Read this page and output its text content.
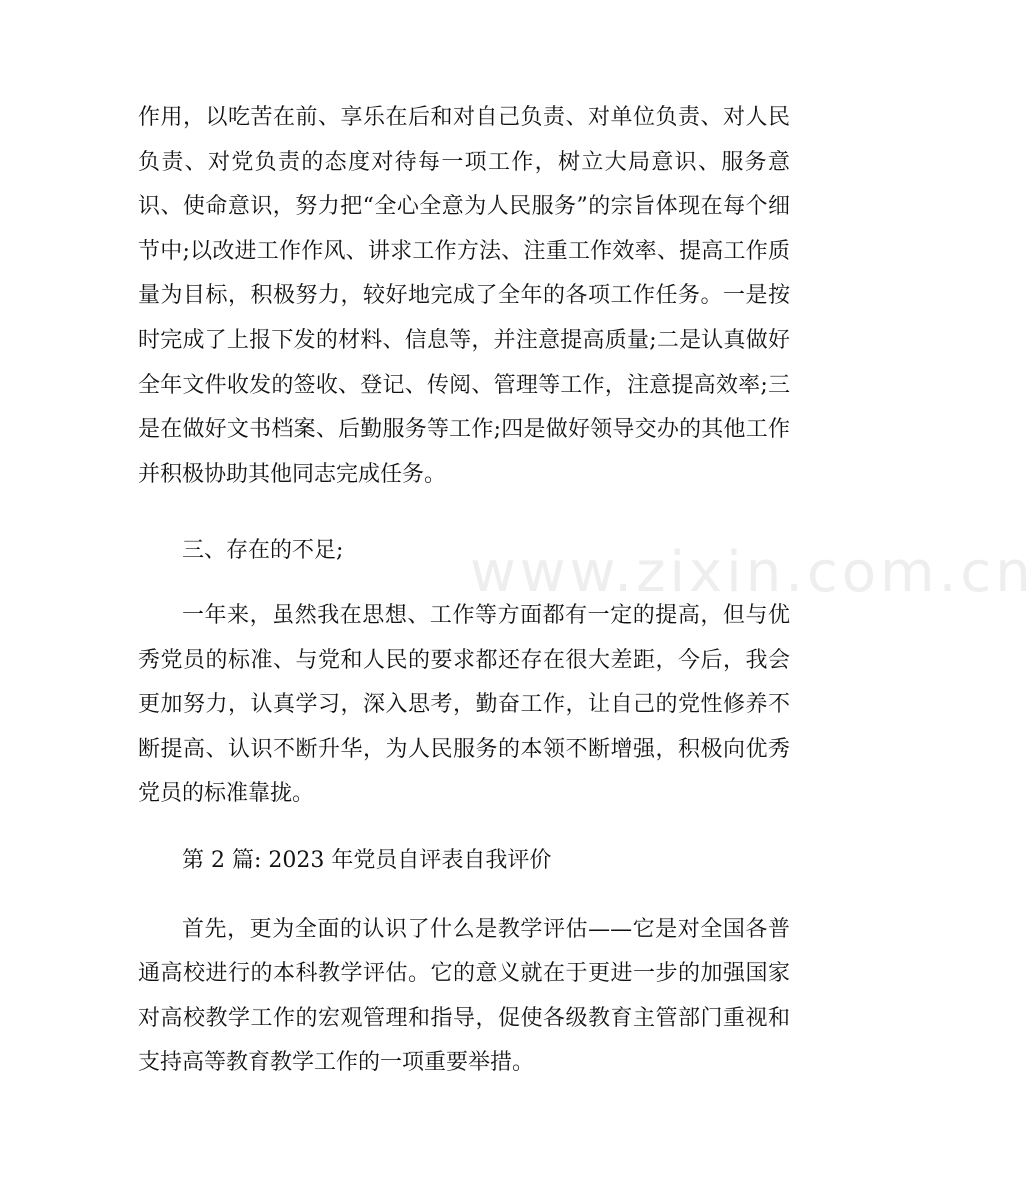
www.zixin.com.cn

作用，以吃苦在前、享乐在后和对自己负责、对单位负责、对人民负责、对党负责的态度对待每一项工作，树立大局意识、服务意识、使命意识，努力把“全心全意为人民服务”的宗旨体现在每个细节中;以改进工作作风、讲求工作方法、注重工作效率、提高工作质量为目标，积极努力，较好地完成了全年的各项工作任务。一是按时完成了上报下发的材料、信息等，并注意提高质量;二是认真做好全年文件收发的签收、登记、传阅、管理等工作，注意提高效率;三是在做好文书档案、后勤服务等工作;四是做好领导交办的其他工作并积极协助其他同志完成任务。

三、存在的不足;

一年来，虽然我在思想、工作等方面都有一定的提高，但与优秀党员的标准、与党和人民的要求都还存在很大差距，今后，我会更加努力，认真学习，深入思考，勤奋工作，让自己的党性修养不断提高、认识不断升华，为人民服务的本领不断增强，积极向优秀党员的标准靠拢。

第 2 篇: 2023 年党员自评表自我评价

首先，更为全面的认识了什么是教学评估——它是对全国各普通高校进行的本科教学评估。它的意义就在于更进一步的加强国家对高校教学工作的宏观管理和指导，促使各级教育主管部门重视和支持高等教育教学工作的一项重要举措。
